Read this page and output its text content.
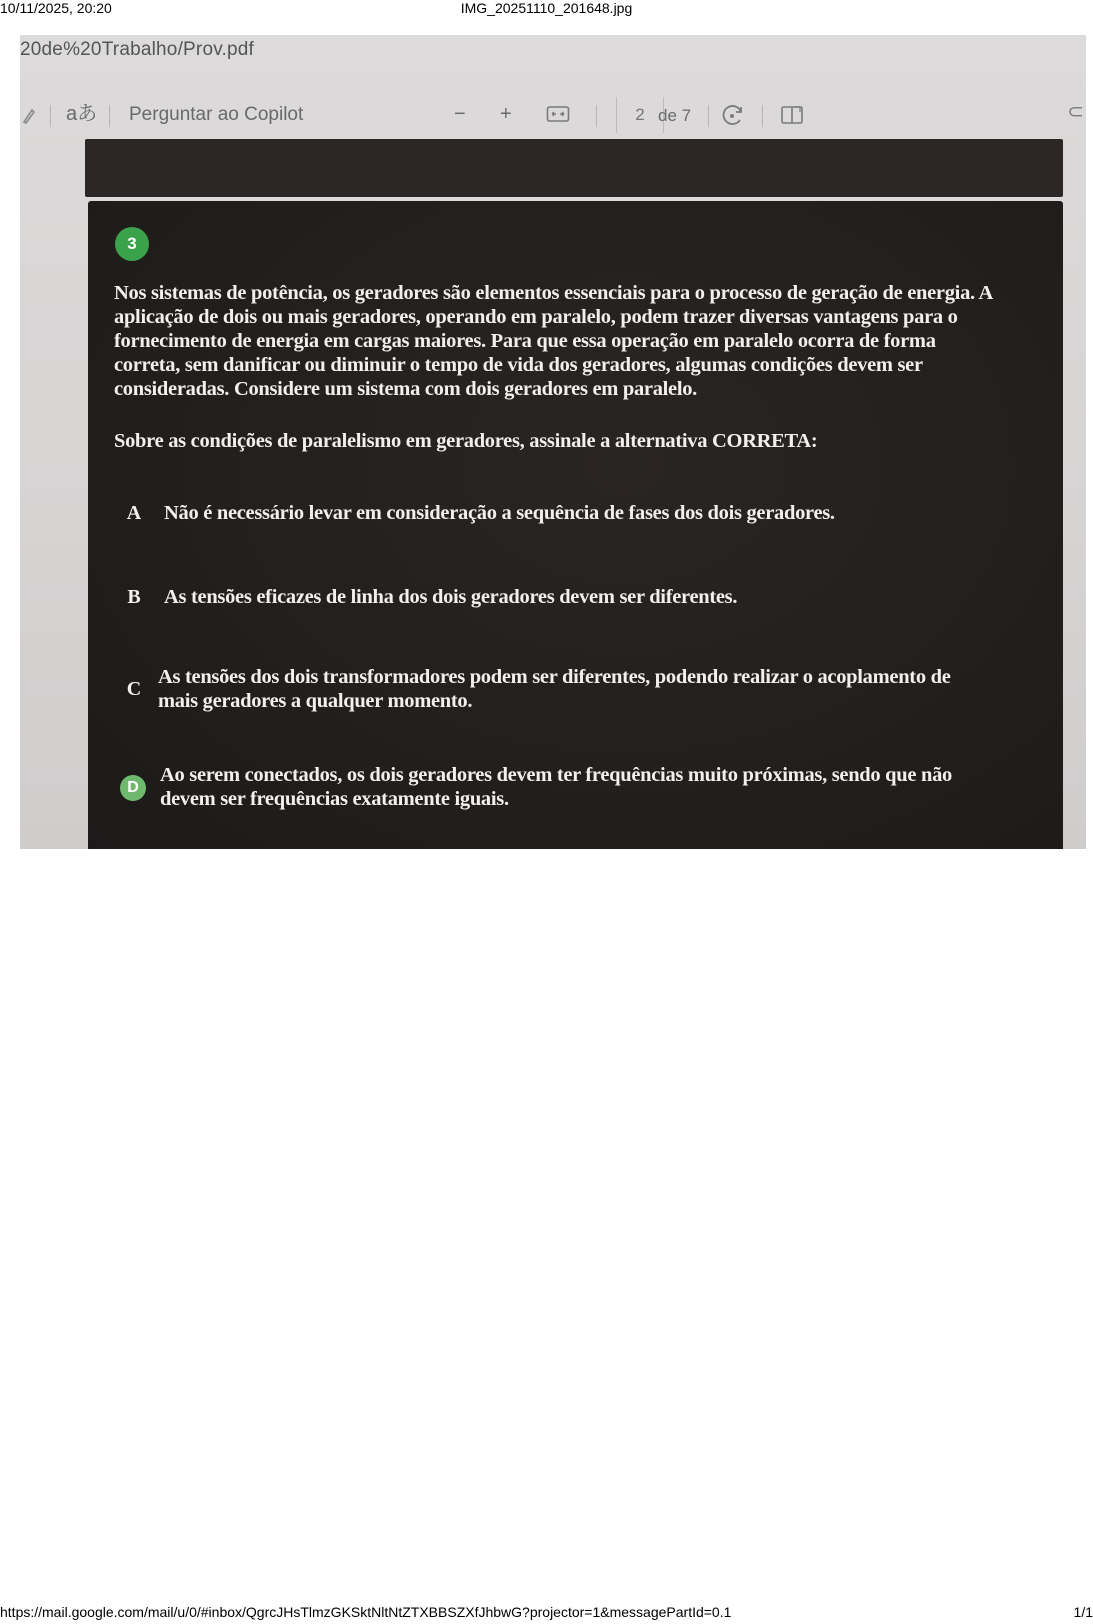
10/11/2025, 20:20	IMG_20251110_201648.jpg
20de%20Trabalho/Prov.pdf
aあ Perguntar ao Copilot	− +	2 de 7	⊂
3
Nos sistemas de potência, os geradores são elementos essenciais para o processo de geração de energia. A aplicação de dois ou mais geradores, operando em paralelo, podem trazer diversas vantagens para o fornecimento de energia em cargas maiores. Para que essa operação em paralelo ocorra de forma correta, sem danificar ou diminuir o tempo de vida dos geradores, algumas condições devem ser consideradas. Considere um sistema com dois geradores em paralelo.
Sobre as condições de paralelismo em geradores, assinale a alternativa CORRETA:
A Não é necessário levar em consideração a sequência de fases dos dois geradores.
B As tensões eficazes de linha dos dois geradores devem ser diferentes.
C
As tensões dos dois transformadores podem ser diferentes, podendo realizar o acoplamento de mais geradores a qualquer momento.
D
Ao serem conectados, os dois geradores devem ter frequências muito próximas, sendo que não devem ser frequências exatamente iguais.
https://mail.google.com/mail/u/0/#inbox/QgrcJHsTlmzGKSktNltNtZTXBBSZXfJhbwG?projector=1&messagePartId=0.1	1/1
